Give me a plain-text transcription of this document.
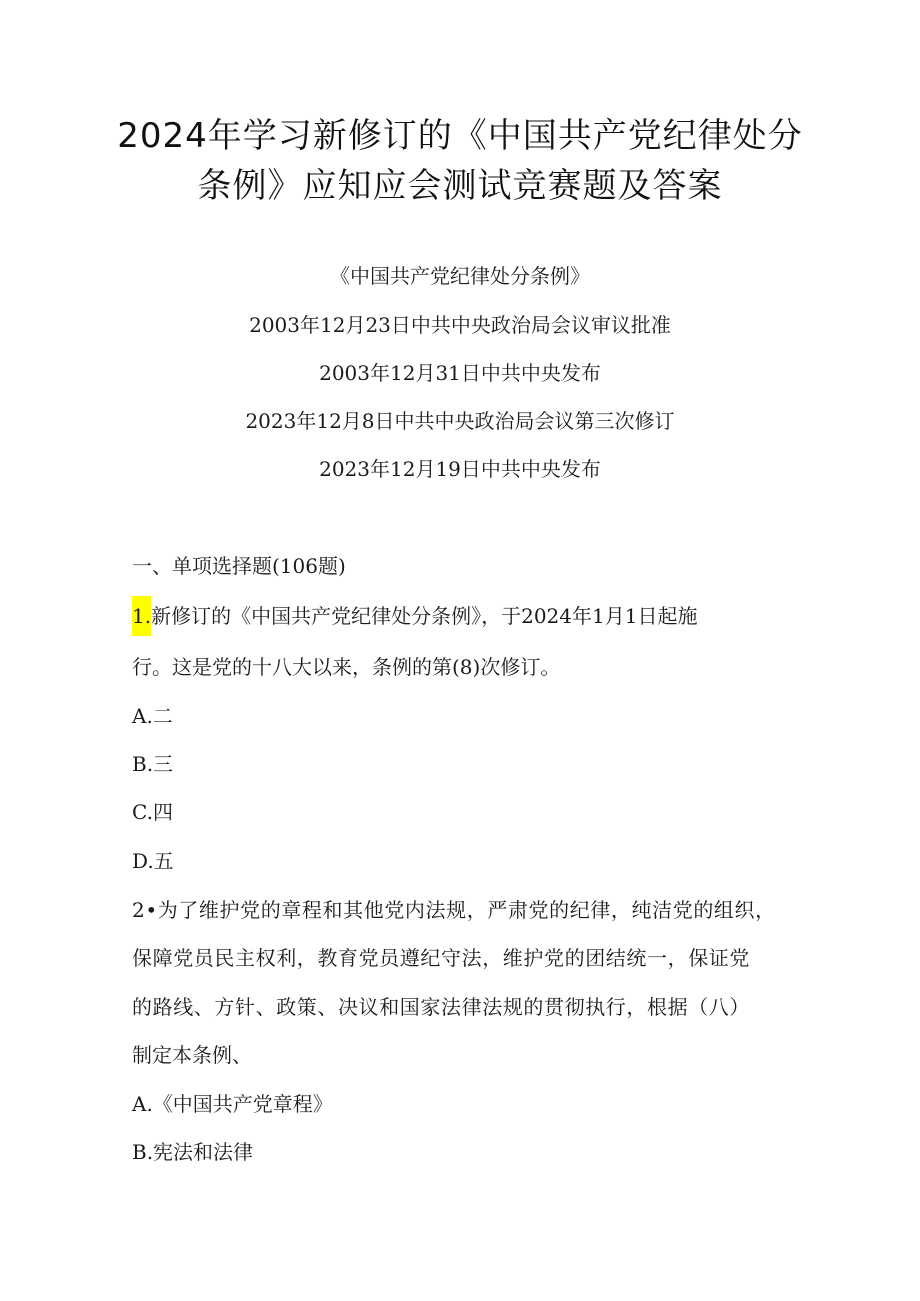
2024年学习新修订的《中国共产党纪律处分
条例》应知应会测试竞赛题及答案
《中国共产党纪律处分条例》
2003年12月23日中共中央政治局会议审议批准
2003年12月31日中共中央发布
2023年12月8日中共中央政治局会议第三次修订
2023年12月19日中共中央发布
一、单项选择题(106题)
1.新修订的《中国共产党纪律处分条例》，于2024年1月1日起施
行。这是党的十八大以来，条例的第(8)次修订。
A.二
B.三
C.四
D.五
2•为了维护党的章程和其他党内法规，严肃党的纪律，纯洁党的组织，
保障党员民主权利，教育党员遵纪守法，维护党的团结统一，保证党
的路线、方针、政策、决议和国家法律法规的贯彻执行，根据（八）
制定本条例、
A.《中国共产党章程》
B.宪法和法律
